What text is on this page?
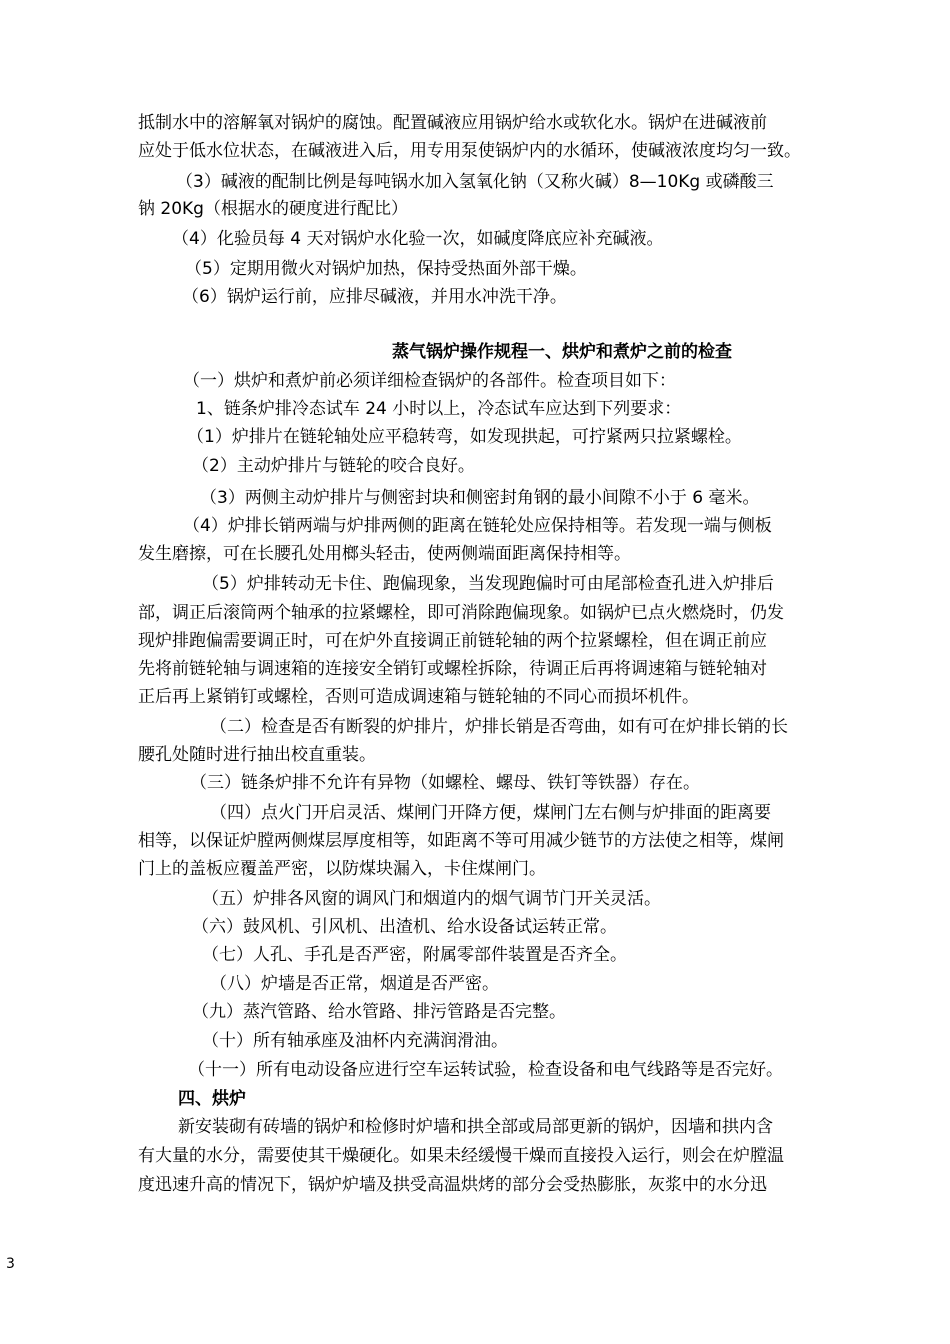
抵制水中的溶解氧对锅炉的腐蚀。配置碱液应用锅炉给水或软化水。锅炉在进碱液前
应处于低水位状态，在碱液进入后，用专用泵使锅炉内的水循环，使碱液浓度均匀一致。
（3）碱液的配制比例是每吨锅水加入氢氧化钠（又称火碱）8—10Kg 或磷酸三
钠 20Kg（根据水的硬度进行配比）
（4）化验员每 4 天对锅炉水化验一次，如碱度降底应补充碱液。
（5）定期用微火对锅炉加热，保持受热面外部干燥。
（6）锅炉运行前，应排尽碱液，并用水冲洗干净。
蒸气锅炉操作规程一、烘炉和煮炉之前的检查
（一）烘炉和煮炉前必须详细检查锅炉的各部件。检查项目如下：
1、链条炉排冷态试车 24 小时以上，冷态试车应达到下列要求：
（1）炉排片在链轮轴处应平稳转弯，如发现拱起，可拧紧两只拉紧螺栓。
（2）主动炉排片与链轮的咬合良好。
（3）两侧主动炉排片与侧密封块和侧密封角钢的最小间隙不小于 6 毫米。
（4）炉排长销两端与炉排两侧的距离在链轮处应保持相等。若发现一端与侧板
发生磨擦，可在长腰孔处用榔头轻击，使两侧端面距离保持相等。
（5）炉排转动无卡住、跑偏现象，当发现跑偏时可由尾部检查孔进入炉排后
部，调正后滚筒两个轴承的拉紧螺栓，即可消除跑偏现象。如锅炉已点火燃烧时，仍发
现炉排跑偏需要调正时，可在炉外直接调正前链轮轴的两个拉紧螺栓，但在调正前应
先将前链轮轴与调速箱的连接安全销钉或螺栓拆除，待调正后再将调速箱与链轮轴对
正后再上紧销钉或螺栓，否则可造成调速箱与链轮轴的不同心而损坏机件。
（二）检查是否有断裂的炉排片，炉排长销是否弯曲，如有可在炉排长销的长
腰孔处随时进行抽出校直重装。
（三）链条炉排不允许有异物（如螺栓、螺母、铁钉等铁器）存在。
（四）点火门开启灵活、煤闸门开降方便，煤闸门左右侧与炉排面的距离要
相等，以保证炉膛两侧煤层厚度相等，如距离不等可用减少链节的方法使之相等，煤闸
门上的盖板应覆盖严密，以防煤块漏入，卡住煤闸门。
（五）炉排各风窗的调风门和烟道内的烟气调节门开关灵活。
（六）鼓风机、引风机、出渣机、给水设备试运转正常。
（七）人孔、手孔是否严密，附属零部件装置是否齐全。
（八）炉墙是否正常，烟道是否严密。
（九）蒸汽管路、给水管路、排污管路是否完整。
（十）所有轴承座及油杯内充满润滑油。
（十一）所有电动设备应进行空车运转试验，检查设备和电气线路等是否完好。
四、烘炉
新安装砌有砖墙的锅炉和检修时炉墙和拱全部或局部更新的锅炉，因墙和拱内含
有大量的水分，需要使其干燥硬化。如果未经缓慢干燥而直接投入运行，则会在炉膛温
度迅速升高的情况下，锅炉炉墙及拱受高温烘烤的部分会受热膨胀，灰浆中的水分迅
3
